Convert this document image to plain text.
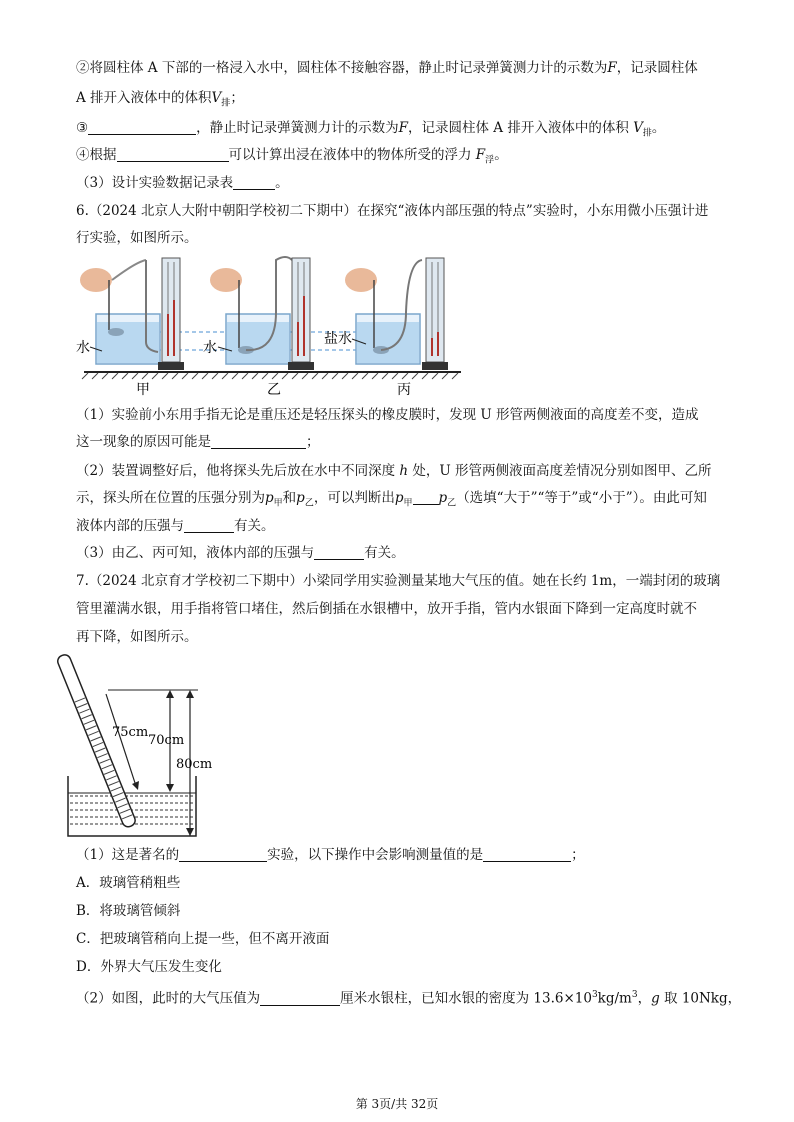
②将圆柱体 A 下部的一格浸入水中，圆柱体不接触容器，静止时记录弹簧测力计的示数为F，记录圆柱体
A 排开入液体中的体积$V_排$；
③	，静止时记录弹簧测力计的示数为F，记录圆柱体 A 排开入液体中的体积 $V_排$。
④根据	可以计算出浸在液体中的物体所受的浮力 $F_浮$。
（3）设计实验数据记录表	。
6.（2024 北京人大附中朝阳学校初二下期中）在探究“液体内部压强的特点”实验时，小东用微小压强计进
行实验，如图所示。
水	水
盐水
甲	乙	丙
（1）实验前小东用手指无论是重压还是轻压探头的橡皮膜时，发现 U 形管两侧液面的高度差不变，造成
这一现象的原因可能是	；
（2）装置调整好后，他将探头先后放在水中不同深度 h 处，U 形管两侧液面高度差情况分别如图甲、乙所
示，探头所在位置的压强分别为$p_甲$和$p_乙$，可以判断出$p_甲$ $p_乙$（选填“大于”“等于”或“小于”）。由此可知
液体内部的压强与	有关。
（3）由乙、丙可知，液体内部的压强与	有关。
7.（2024 北京育才学校初二下期中）小梁同学用实验测量某地大气压的值。她在长约 1m，一端封闭的玻璃
管里灌满水银，用手指将管口堵住，然后倒插在水银槽中，放开手指，管内水银面下降到一定高度时就不
再下降，如图所示。
75cm
70cm
80cm
（1）这是著名的	实验，以下操作中会影响测量值的是	；
A．玻璃管稍粗些
B．将玻璃管倾斜
C．把玻璃管稍向上提一些，但不离开液面
D．外界大气压发生变化
（2）如图，此时的大气压值为	厘米水银柱，已知水银的密度为 $13.6\times 10^3kg/m^3$，g 取 10Nkg，
第 3页/共 32页
